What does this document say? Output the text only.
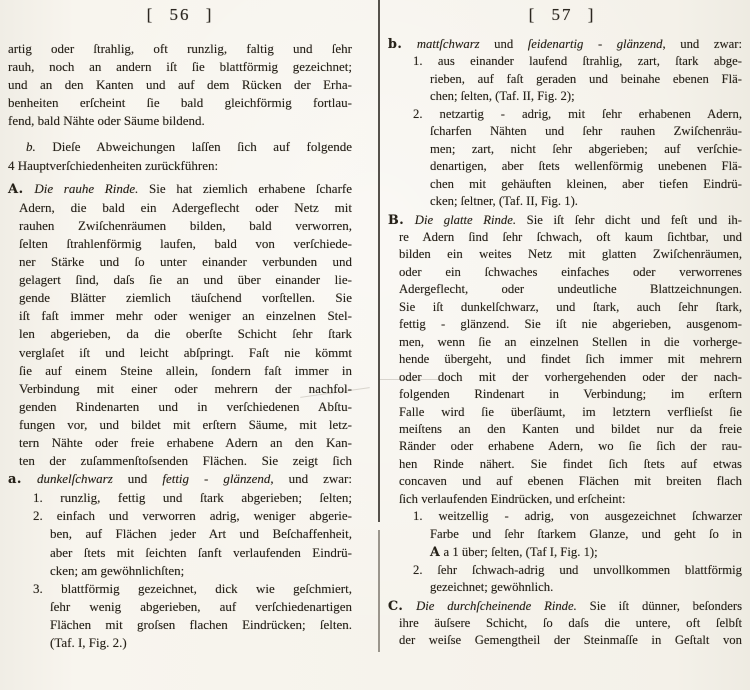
[ 56 ]	[ 57 ]
artig oder ſtrahlig, oft runzlig, faltig und ſehr
rauh, noch an andern iſt ſie blattförmig gezeichnet;
und an den Kanten und auf dem Rücken der Erha-
benheiten erſcheint ſie bald gleichförmig fortlau-
fend, bald Nähte oder Säume bildend.
b. Dieſe Abweichungen laſſen ſich auf folgende
4 Hauptverſchiedenheiten zurückführen:
A. Die rauhe Rinde. Sie hat ziemlich erhabene ſcharfe
Adern, die bald ein Adergeflecht oder Netz mit
rauhen Zwiſchenräumen bilden, bald verworren,
ſelten ſtrahlenförmig laufen, bald von verſchiede-
ner Stärke und ſo unter einander verbunden und
gelagert ſind, daſs ſie an und über einander lie-
gende Blätter ziemlich täuſchend vorſtellen. Sie
iſt faſt immer mehr oder weniger an einzelnen Stel-
len abgerieben, da die oberſte Schicht ſehr ſtark
verglaſet iſt und leicht abſpringt. Faſt nie kömmt
ſie auf einem Steine allein, ſondern faſt immer in
Verbindung mit einer oder mehrern der nachfol-
genden Rindenarten und in verſchiedenen Abſtu-
fungen vor, und bildet mit erſtern Säume, mit letz-
tern Nähte oder freie erhabene Adern an den Kan-
ten der zuſammenſtoſsenden Flächen. Sie zeigt ſich
a. dunkelſchwarz und fettig - glänzend, und zwar:
1. runzlig, fettig und ſtark abgerieben; ſelten;
2. einfach und verworren adrig, weniger abgerie-
ben, auf Flächen jeder Art und Beſchaffenheit,
aber ſtets mit ſeichten ſanft verlaufenden Eindrü-
cken; am gewöhnlichſten;
3. blattförmig gezeichnet, dick wie geſchmiert,
ſehr wenig abgerieben, auf verſchiedenartigen
Flächen mit groſsen flachen Eindrücken; ſelten.
(Taf. I, Fig. 2.)
b. mattſchwarz und ſeidenartig - glänzend, und zwar:
1. aus einander laufend ſtrahlig, zart, ſtark abge-
rieben, auf faſt geraden und beinahe ebenen Flä-
chen; ſelten, (Taf. II, Fig. 2);
2. netzartig - adrig, mit ſehr erhabenen Adern,
ſcharfen Nähten und ſehr rauhen Zwiſchenräu-
men; zart, nicht ſehr abgerieben; auf verſchie-
denartigen, aber ſtets wellenförmig unebenen Flä-
chen mit gehäuften kleinen, aber tiefen Eindrü-
cken; ſeltner, (Taf. II, Fig. 1).
B. Die glatte Rinde. Sie iſt ſehr dicht und feſt und ih-
re Adern ſind ſehr ſchwach, oft kaum ſichtbar, und
bilden ein weites Netz mit glatten Zwiſchenräumen,
oder ein ſchwaches einfaches oder verworrenes
Adergeflecht, oder undeutliche Blattzeichnungen.
Sie iſt dunkelſchwarz, und ſtark, auch ſehr ſtark,
fettig - glänzend. Sie iſt nie abgerieben, ausgenom-
men, wenn ſie an einzelnen Stellen in die vorherge-
hende übergeht, und findet ſich immer mit mehrern
oder doch mit der vorhergehenden oder der nach-
folgenden Rindenart in Verbindung; im erſtern
Falle wird ſie überſäumt, im letztern verflieſst ſie
meiſtens an den Kanten und bildet nur da freie
Ränder oder erhabene Adern, wo ſie ſich der rau-
hen Rinde nähert. Sie findet ſich ſtets auf etwas
concaven und auf ebenen Flächen mit breiten flach
ſich verlaufenden Eindrücken, und erſcheint:
1. weitzellig - adrig, von ausgezeichnet ſchwarzer
Farbe und ſehr ſtarkem Glanze, und geht ſo in
A a 1 über; ſelten, (Taf I, Fig. 1);
2. ſehr ſchwach-adrig und unvollkommen blattförmig
gezeichnet; gewöhnlich.
C. Die durchſcheinende Rinde. Sie iſt dünner, beſonders
ihre äuſsere Schicht, ſo daſs die untere, oft ſelbſt
der weiſse Gemengtheil der Steinmaſſe in Geſtalt von
